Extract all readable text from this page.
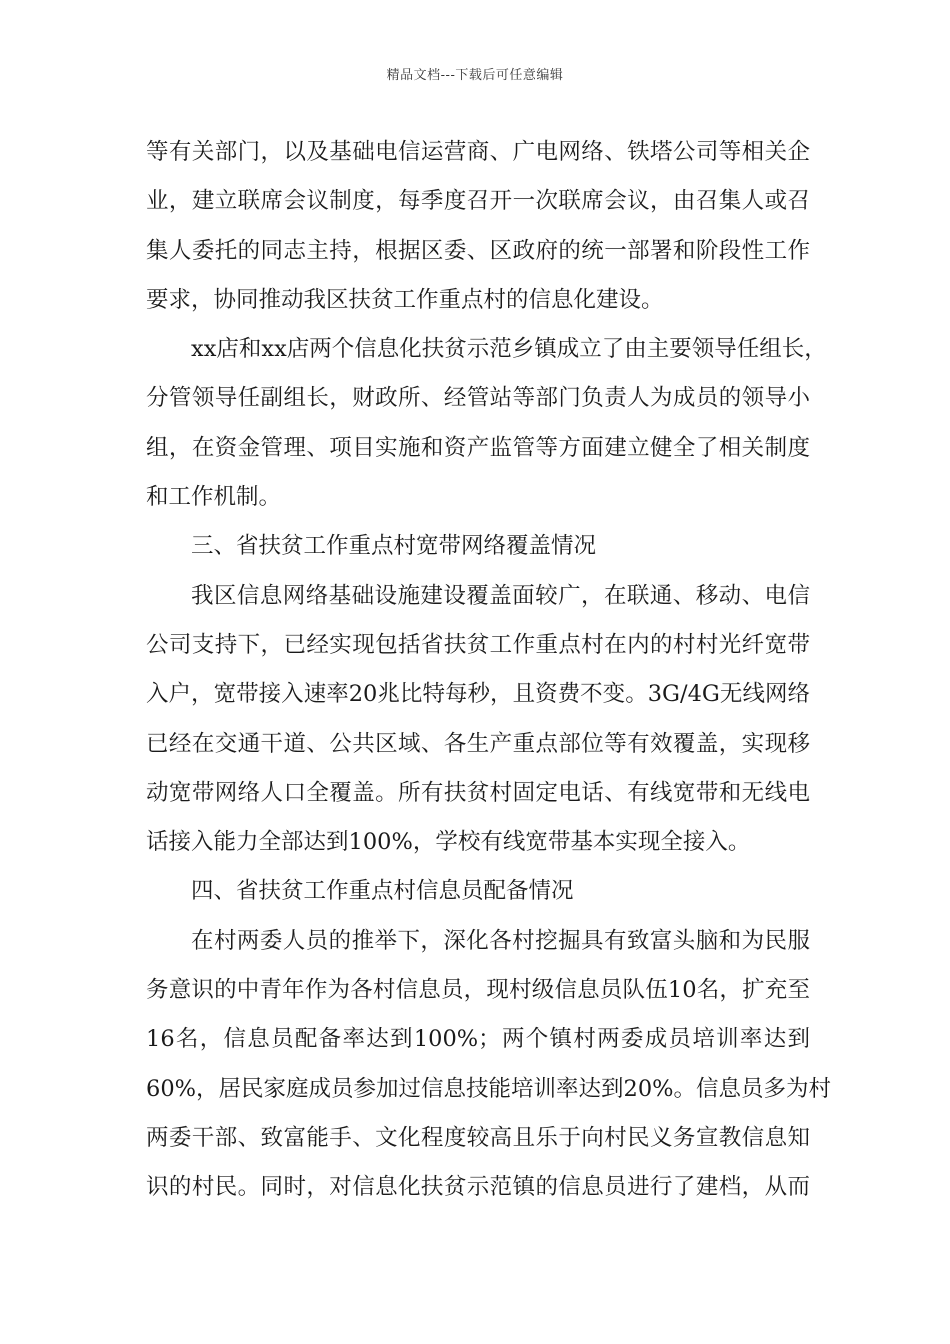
精品文档---下载后可任意编辑
等有关部门，以及基础电信运营商、广电网络、铁塔公司等相关企
业，建立联席会议制度，每季度召开一次联席会议，由召集人或召
集人委托的同志主持，根据区委、区政府的统一部署和阶段性工作
要求，协同推动我区扶贫工作重点村的信息化建设。
xx店和xx店两个信息化扶贫示范乡镇成立了由主要领导任组长，
分管领导任副组长，财政所、经管站等部门负责人为成员的领导小
组，在资金管理、项目实施和资产监管等方面建立健全了相关制度
和工作机制。
三、省扶贫工作重点村宽带网络覆盖情况
我区信息网络基础设施建设覆盖面较广，在联通、移动、电信
公司支持下，已经实现包括省扶贫工作重点村在内的村村光纤宽带
入户，宽带接入速率20兆比特每秒，且资费不变。3G/4G无线网络
已经在交通干道、公共区域、各生产重点部位等有效覆盖，实现移
动宽带网络人口全覆盖。所有扶贫村固定电话、有线宽带和无线电
话接入能力全部达到100%，学校有线宽带基本实现全接入。
四、省扶贫工作重点村信息员配备情况
在村两委人员的推举下，深化各村挖掘具有致富头脑和为民服
务意识的中青年作为各村信息员，现村级信息员队伍10名，扩充至
16名，信息员配备率达到100%；两个镇村两委成员培训率达到
60%，居民家庭成员参加过信息技能培训率达到20%。信息员多为村
两委干部、致富能手、文化程度较高且乐于向村民义务宣教信息知
识的村民。同时，对信息化扶贫示范镇的信息员进行了建档，从而
